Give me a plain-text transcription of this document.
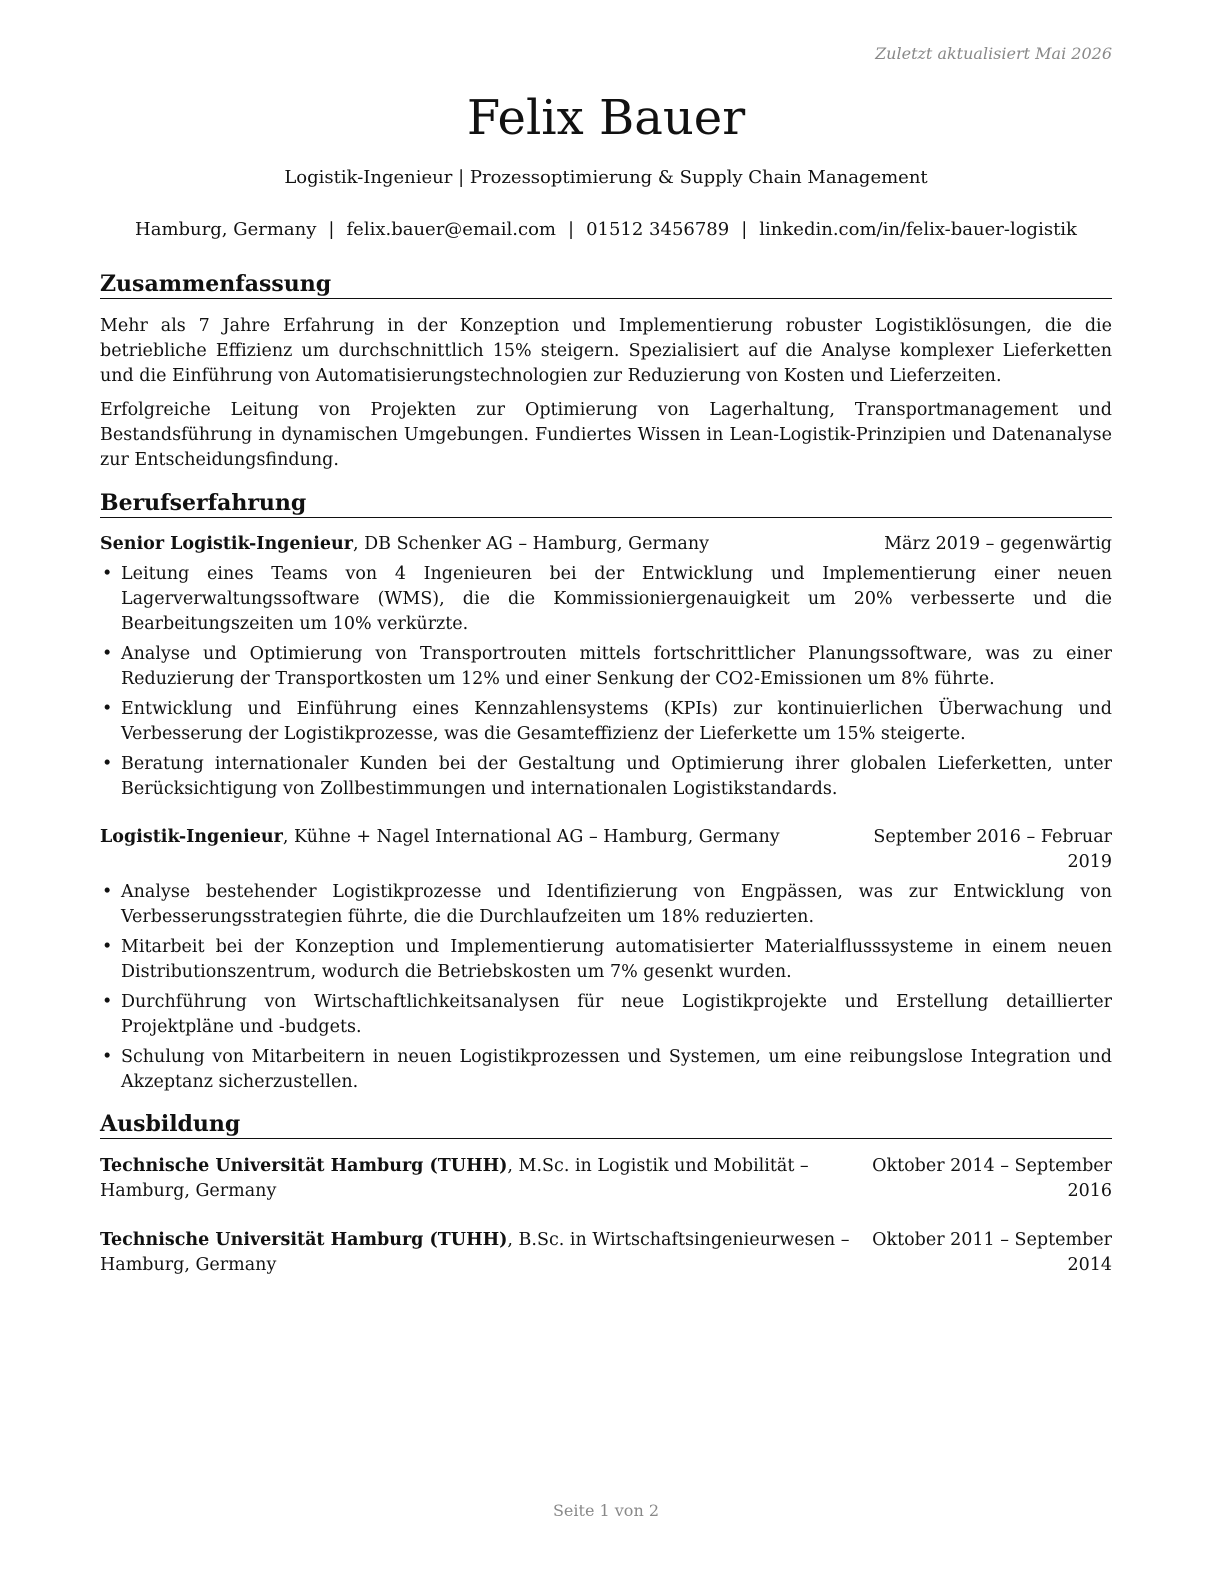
Zuletzt aktualisiert Mai 2026
Felix Bauer
Logistik-Ingenieur | Prozessoptimierung & Supply Chain Management
Hamburg, Germany | felix.bauer@email.com | 01512 3456789 | linkedin.com/in/felix-bauer-logistik
Zusammenfassung
Mehr als 7 Jahre Erfahrung in der Konzeption und Implementierung robuster Logistiklösungen, die die betriebliche Effizienz um durchschnittlich 15% steigern. Spezialisiert auf die Analyse komplexer Lieferketten und die Einführung von Automatisierungstechnologien zur Reduzierung von Kosten und Lieferzeiten.
Erfolgreiche Leitung von Projekten zur Optimierung von Lagerhaltung, Transportmanagement und Bestandsführung in dynamischen Umgebungen. Fundiertes Wissen in Lean-Logistik-Prinzipien und Datenanalyse zur Entscheidungsfindung.
Berufserfahrung
Senior Logistik-Ingenieur, DB Schenker AG – Hamburg, Germany	März 2019 – gegenwärtig
• Leitung eines Teams von 4 Ingenieuren bei der Entwicklung und Implementierung einer neuen Lagerverwaltungssoftware (WMS), die die Kommissioniergenauigkeit um 20% verbesserte und die Bearbeitungszeiten um 10% verkürzte.
• Analyse und Optimierung von Transportrouten mittels fortschrittlicher Planungssoftware, was zu einer Reduzierung der Transportkosten um 12% und einer Senkung der CO2-Emissionen um 8% führte.
• Entwicklung und Einführung eines Kennzahlensystems (KPIs) zur kontinuierlichen Überwachung und Verbesserung der Logistikprozesse, was die Gesamteffizienz der Lieferkette um 15% steigerte.
• Beratung internationaler Kunden bei der Gestaltung und Optimierung ihrer globalen Lieferketten, unter Berücksichtigung von Zollbestimmungen und internationalen Logistikstandards.
Logistik-Ingenieur, Kühne + Nagel International AG – Hamburg, Germany	September 2016 – Februar 2019
• Analyse bestehender Logistikprozesse und Identifizierung von Engpässen, was zur Entwicklung von Verbesserungsstrategien führte, die die Durchlaufzeiten um 18% reduzierten.
• Mitarbeit bei der Konzeption und Implementierung automatisierter Materialflusssysteme in einem neuen Distributionszentrum, wodurch die Betriebskosten um 7% gesenkt wurden.
• Durchführung von Wirtschaftlichkeitsanalysen für neue Logistikprojekte und Erstellung detaillierter Projektpläne und -budgets.
• Schulung von Mitarbeitern in neuen Logistikprozessen und Systemen, um eine reibungslose Integration und Akzeptanz sicherzustellen.
Ausbildung
Oktober 2014 – September 2016
Technische Universität Hamburg (TUHH), M.Sc. in Logistik und Mobilität – Hamburg, Germany
Oktober 2011 – September 2014
Technische Universität Hamburg (TUHH), B.Sc. in Wirtschaftsingenieurwesen – Hamburg, Germany
Seite 1 von 2
